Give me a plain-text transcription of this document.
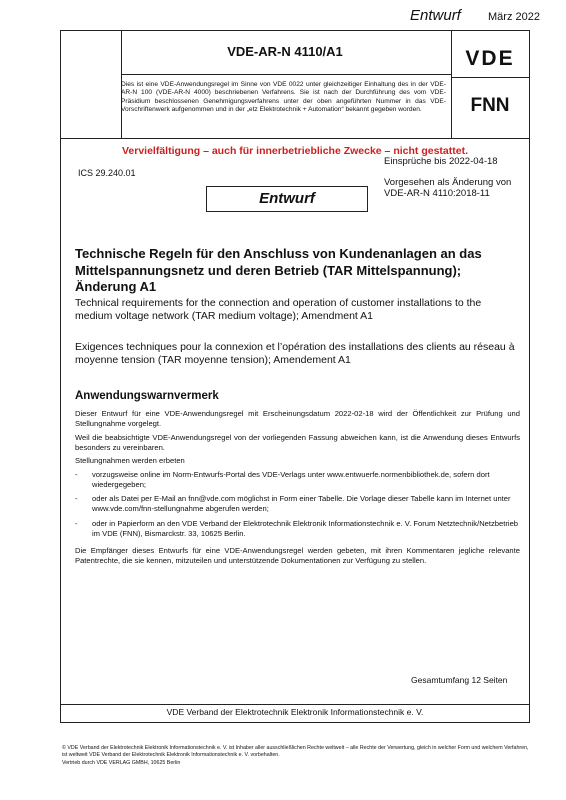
Entwurf März 2022
VDE-AR-N 4110/A1	VDE
FNN
Dies ist eine VDE-Anwendungsregel im Sinne von VDE 0022 unter gleichzeitiger Einhaltung des in der VDE-AR-N 100 (VDE-AR-N 4000) beschriebenen Verfahrens. Sie ist nach der Durchführung des vom VDE-Präsidium beschlossenen Genehmigungsverfahrens unter der oben angeführten Nummer in das VDE-Vorschriftenwerk aufgenommen und in der „etz Elektrotechnik + Automation“ bekannt gegeben worden.
Vervielfältigung – auch für innerbetriebliche Zwecke – nicht gestattet.
ICS 29.240.01
Einsprüche bis 2022-04-18
Vorgesehen als Änderung von
VDE-AR-N 4110:2018-11
Entwurf
Technische Regeln für den Anschluss von Kundenanlagen an das Mittelspannungsnetz und deren Betrieb (TAR Mittelspannung); Änderung A1
Technical requirements for the connection and operation of customer installations to the medium voltage network (TAR medium voltage); Amendment A1
Exigences techniques pour la connexion et l’opération des installations des clients au réseau à moyenne tension (TAR moyenne tension); Amendement A1
Anwendungswarnvermerk
Dieser Entwurf für eine VDE-Anwendungsregel mit Erscheinungsdatum 2022-02-18 wird der Öffentlichkeit zur Prüfung und Stellungnahme vorgelegt.
Weil die beabsichtigte VDE-Anwendungsregel von der vorliegenden Fassung abweichen kann, ist die Anwendung dieses Entwurfs besonders zu vereinbaren.
Stellungnahmen werden erbeten
- vorzugsweise online im Norm-Entwurfs-Portal des VDE-Verlags unter www.entwuerfe.normenbibliothek.de, sofern dort wiedergegeben;
- oder als Datei per E-Mail an fnn@vde.com möglichst in Form einer Tabelle. Die Vorlage dieser Tabelle kann im Internet unter www.vde.com/fnn-stellungnahme abgerufen werden;
- oder in Papierform an den VDE Verband der Elektrotechnik Elektronik Informationstechnik e. V. Forum Netztechnik/Netzbetrieb im VDE (FNN), Bismarckstr. 33, 10625 Berlin.
Die Empfänger dieses Entwurfs für eine VDE-Anwendungsregel werden gebeten, mit ihren Kommentaren jegliche relevante Patentrechte, die sie kennen, mitzuteilen und unterstützende Dokumentationen zur Verfügung zu stellen.
Gesamtumfang 12 Seiten
VDE Verband der Elektrotechnik Elektronik Informationstechnik e. V.
© VDE Verband der Elektrotechnik Elektronik Informationstechnik e. V. ist Inhaber aller ausschließlichen Rechte weltweit – alle Rechte der Verwertung, gleich in welcher Form und welchem Verfahren, ist weltweit VDE Verband der Elektrotechnik Elektronik Informationstechnik e. V. vorbehalten.
Vertrieb durch VDE VERLAG GMBH, 10625 Berlin
